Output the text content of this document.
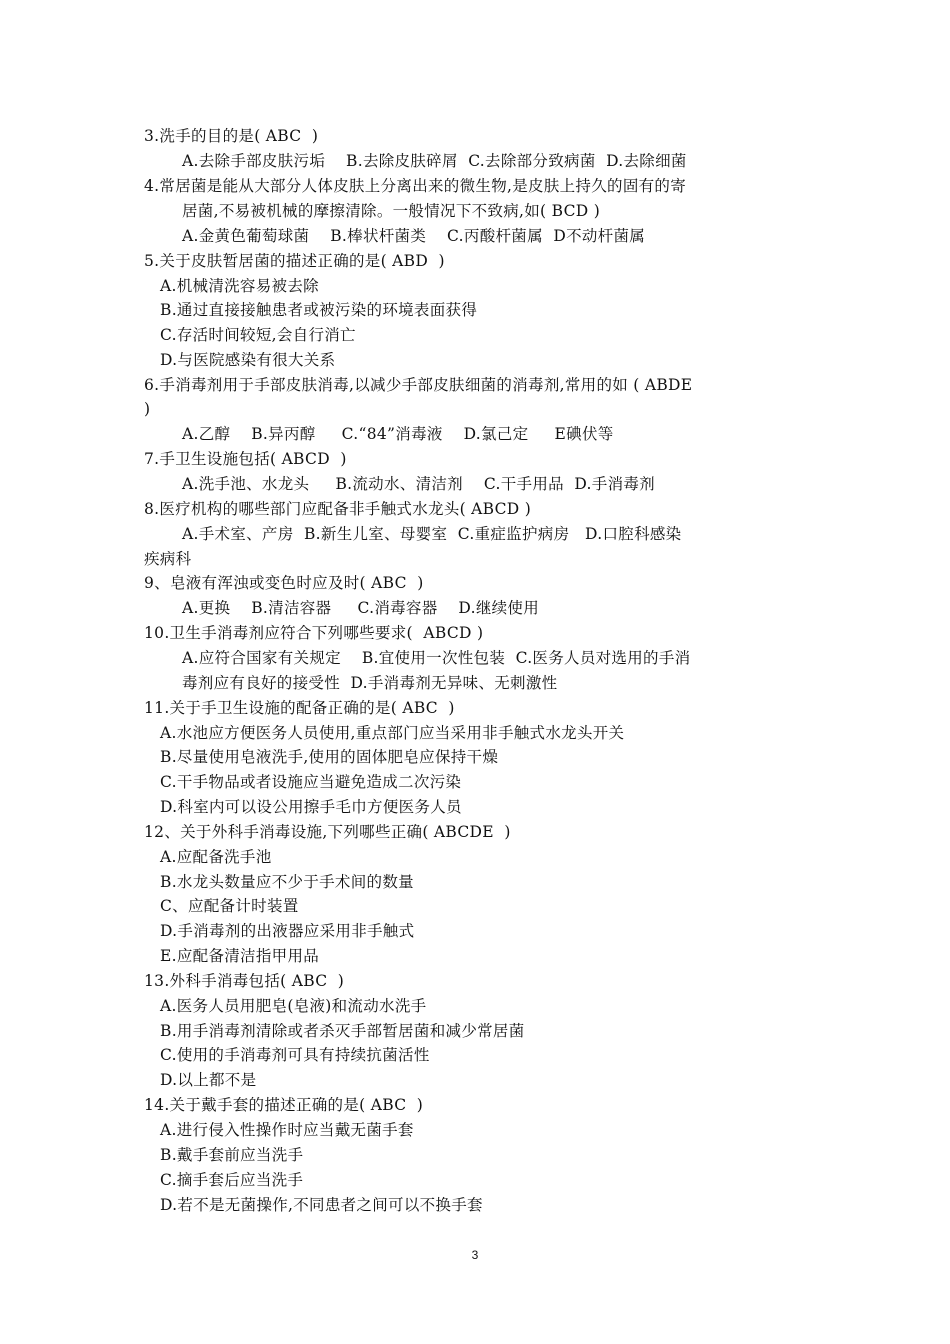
3.洗手的目的是( ABC  )
A.去除手部皮肤污垢    B.去除皮肤碎屑  C.去除部分致病菌  D.去除细菌
4.常居菌是能从大部分人体皮肤上分离出来的微生物,是皮肤上持久的固有的寄
居菌,不易被机械的摩擦清除。一般情况下不致病,如( BCD )
A.金黄色葡萄球菌    B.棒状杆菌类    C.丙酸杆菌属  D不动杆菌属
5.关于皮肤暂居菌的描述正确的是( ABD  )
A.机械清洗容易被去除
B.通过直接接触患者或被污染的环境表面获得
C.存活时间较短,会自行消亡
D.与医院感染有很大关系
6.手消毒剂用于手部皮肤消毒,以减少手部皮肤细菌的消毒剂,常用的如 ( ABDE
)
A.乙醇    B.异丙醇     C.“84”消毒液    D.氯己定     E碘伏等
7.手卫生设施包括( ABCD  )
A.洗手池、水龙头     B.流动水、清洁剂    C.干手用品  D.手消毒剂
8.医疗机构的哪些部门应配备非手触式水龙头( ABCD )
A.手术室、产房  B.新生儿室、母婴室  C.重症监护病房   D.口腔科感染
疾病科
9、皂液有浑浊或变色时应及时( ABC  )
A.更换    B.清洁容器     C.消毒容器    D.继续使用
10.卫生手消毒剂应符合下列哪些要求(  ABCD )
A.应符合国家有关规定    B.宜使用一次性包装  C.医务人员对选用的手消
毒剂应有良好的接受性  D.手消毒剂无异味、无刺激性
11.关于手卫生设施的配备正确的是( ABC  )
A.水池应方便医务人员使用,重点部门应当采用非手触式水龙头开关
B.尽量使用皂液洗手,使用的固体肥皂应保持干燥
C.干手物品或者设施应当避免造成二次污染
D.科室内可以设公用擦手毛巾方便医务人员
12、关于外科手消毒设施,下列哪些正确( ABCDE  )
A.应配备洗手池
B.水龙头数量应不少于手术间的数量
C、应配备计时装置
D.手消毒剂的出液器应采用非手触式
E.应配备清洁指甲用品
13.外科手消毒包括( ABC  )
A.医务人员用肥皂(皂液)和流动水洗手
B.用手消毒剂清除或者杀灭手部暂居菌和减少常居菌
C.使用的手消毒剂可具有持续抗菌活性
D.以上都不是
14.关于戴手套的描述正确的是( ABC  )
A.进行侵入性操作时应当戴无菌手套
B.戴手套前应当洗手
C.摘手套后应当洗手
D.若不是无菌操作,不同患者之间可以不换手套
3
